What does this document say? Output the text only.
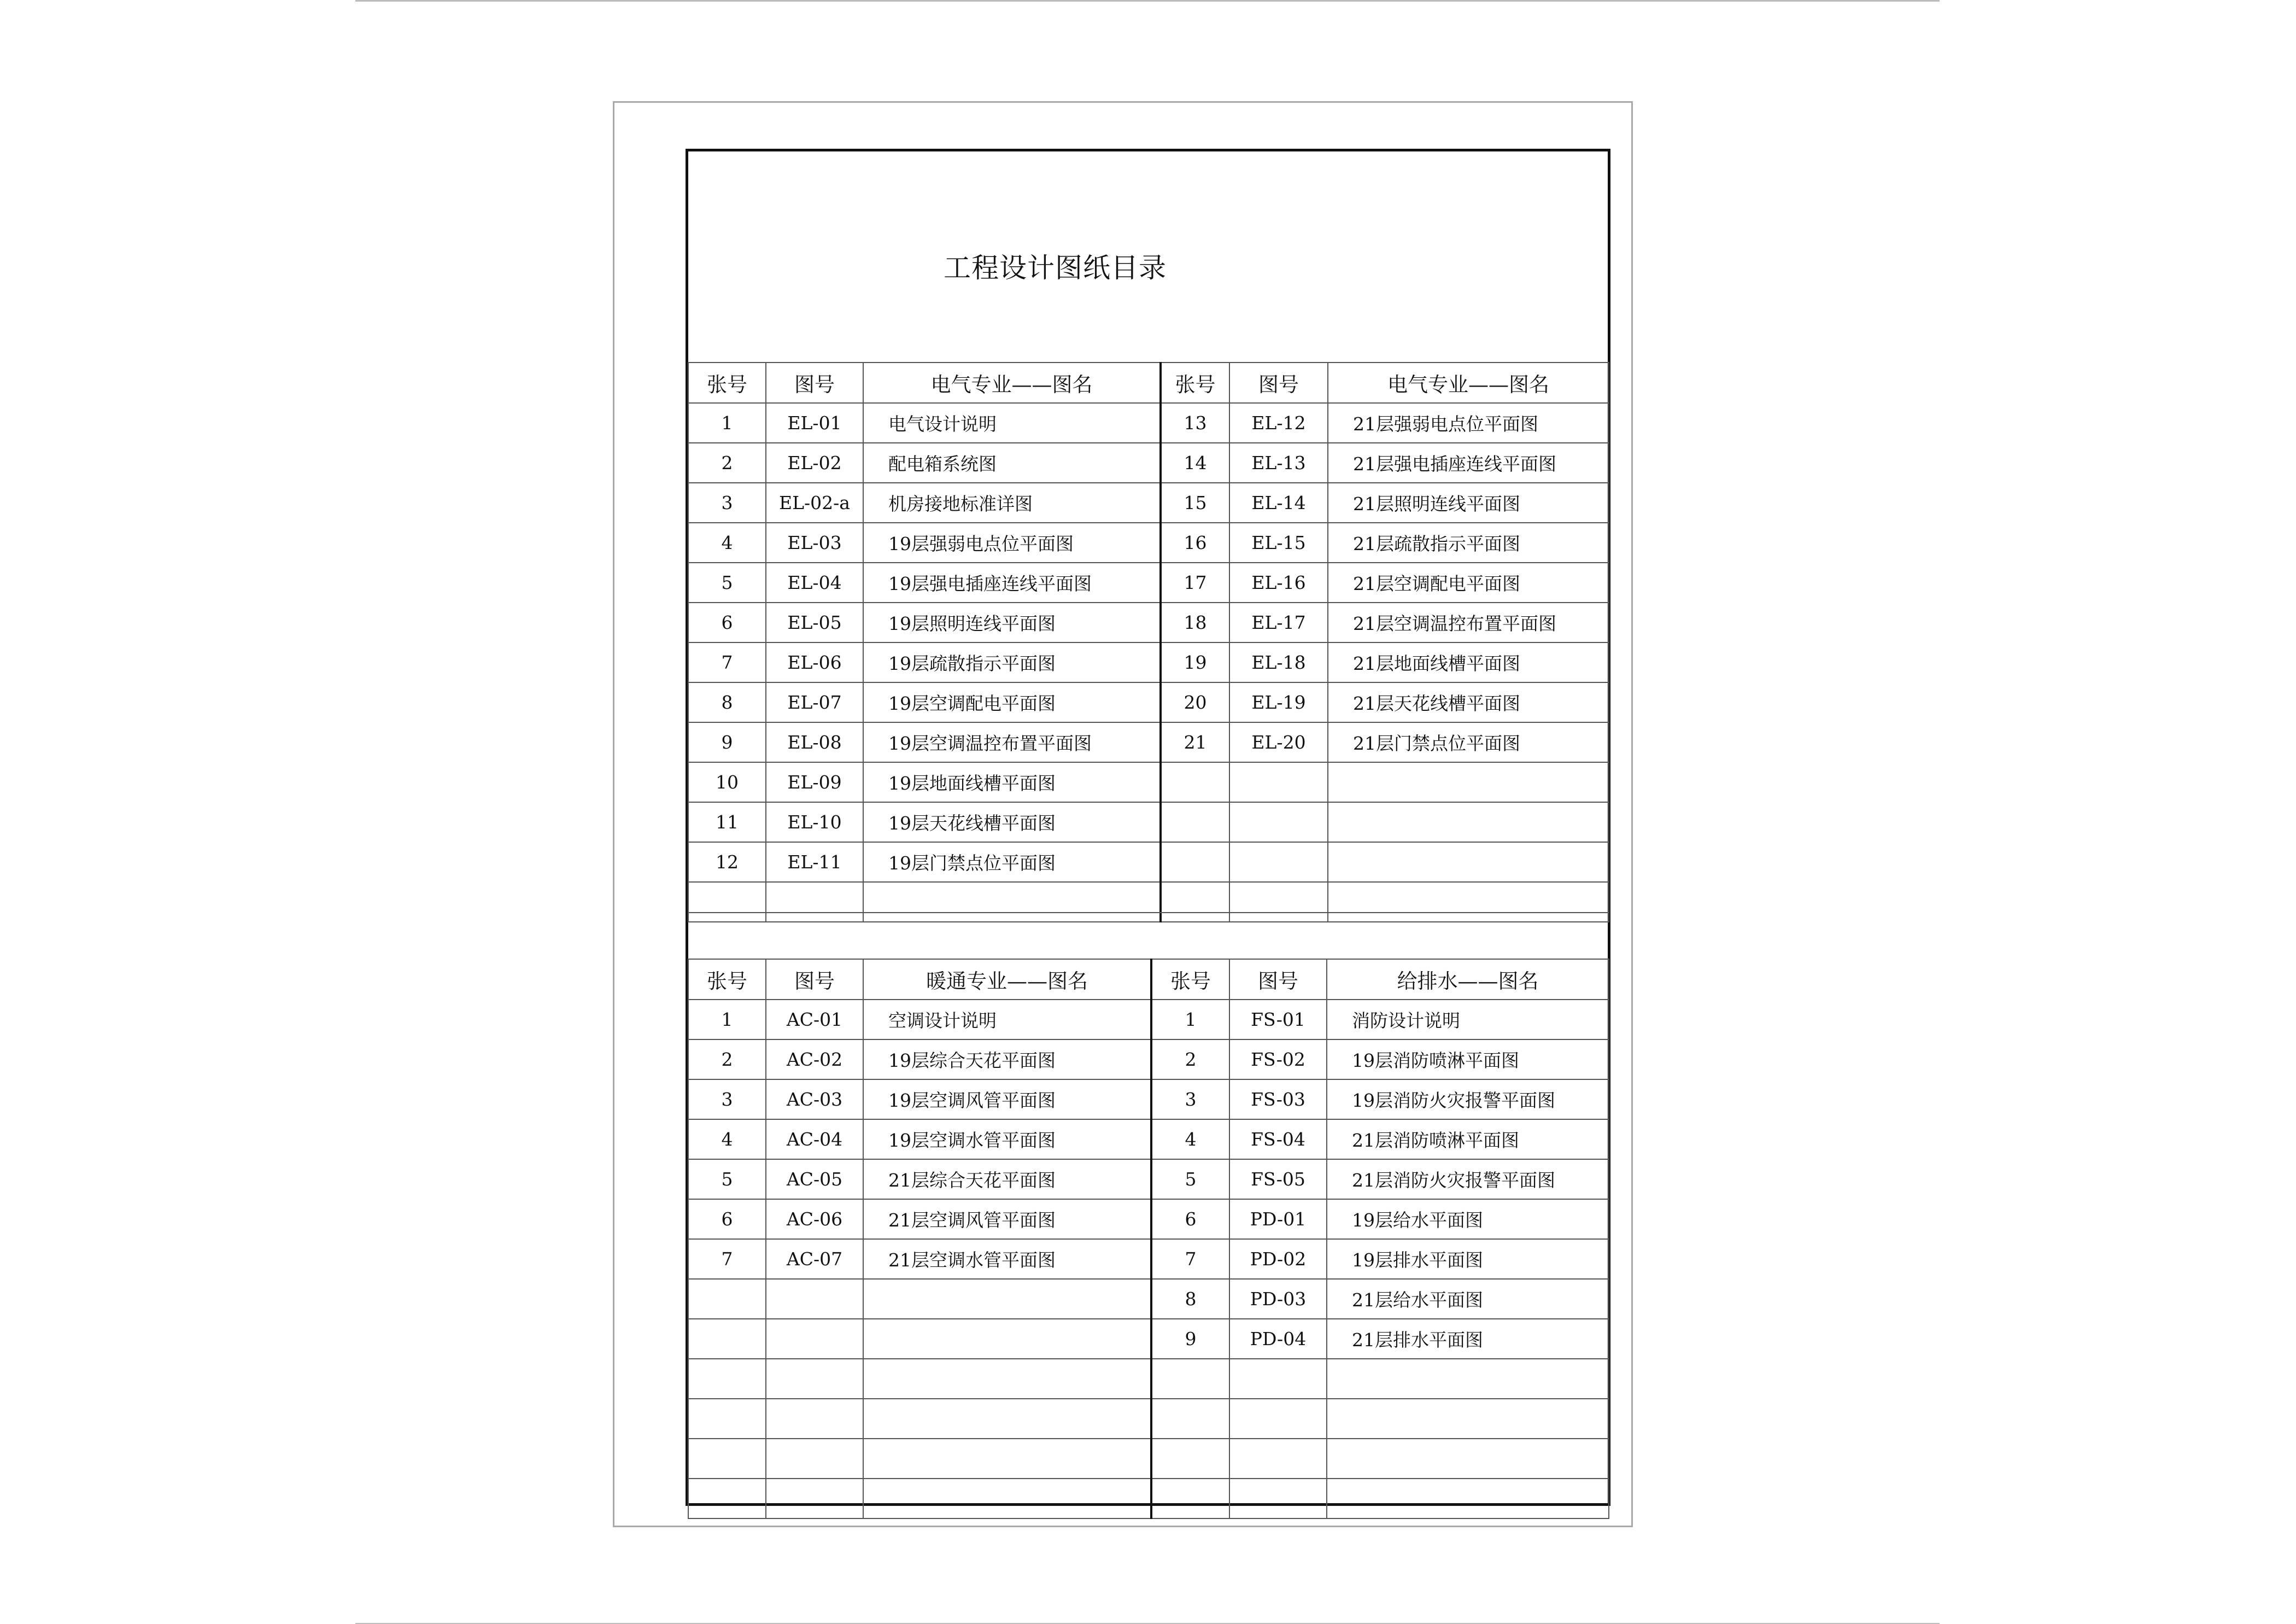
工程设计图纸目录
张号	图号	电气专业——图名	张号	图号	电气专业——图名
1	EL-01	电气设计说明	13	EL-12	21层强弱电点位平面图
2	EL-02	配电箱系统图	14	EL-13	21层强电插座连线平面图
3	EL-02-a	机房接地标准详图	15	EL-14	21层照明连线平面图
4	EL-03	19层强弱电点位平面图	16	EL-15	21层疏散指示平面图
5	EL-04	19层强电插座连线平面图	17	EL-16	21层空调配电平面图
6	EL-05	19层照明连线平面图	18	EL-17	21层空调温控布置平面图
7	EL-06	19层疏散指示平面图	19	EL-18	21层地面线槽平面图
8	EL-07	19层空调配电平面图	20	EL-19	21层天花线槽平面图
9	EL-08	19层空调温控布置平面图	21	EL-20	21层门禁点位平面图
10	EL-09	19层地面线槽平面图			
11	EL-10	19层天花线槽平面图			
12	EL-11	19层门禁点位平面图			

张号	图号	暖通专业——图名	张号	图号	给排水——图名
1	AC-01	空调设计说明	1	FS-01	消防设计说明
2	AC-02	19层综合天花平面图	2	FS-02	19层消防喷淋平面图
3	AC-03	19层空调风管平面图	3	FS-03	19层消防火灾报警平面图
4	AC-04	19层空调水管平面图	4	FS-04	21层消防喷淋平面图
5	AC-05	21层综合天花平面图	5	FS-05	21层消防火灾报警平面图
6	AC-06	21层空调风管平面图	6	PD-01	19层给水平面图
7	AC-07	21层空调水管平面图	7	PD-02	19层排水平面图
			8	PD-03	21层给水平面图
			9	PD-04	21层排水平面图
